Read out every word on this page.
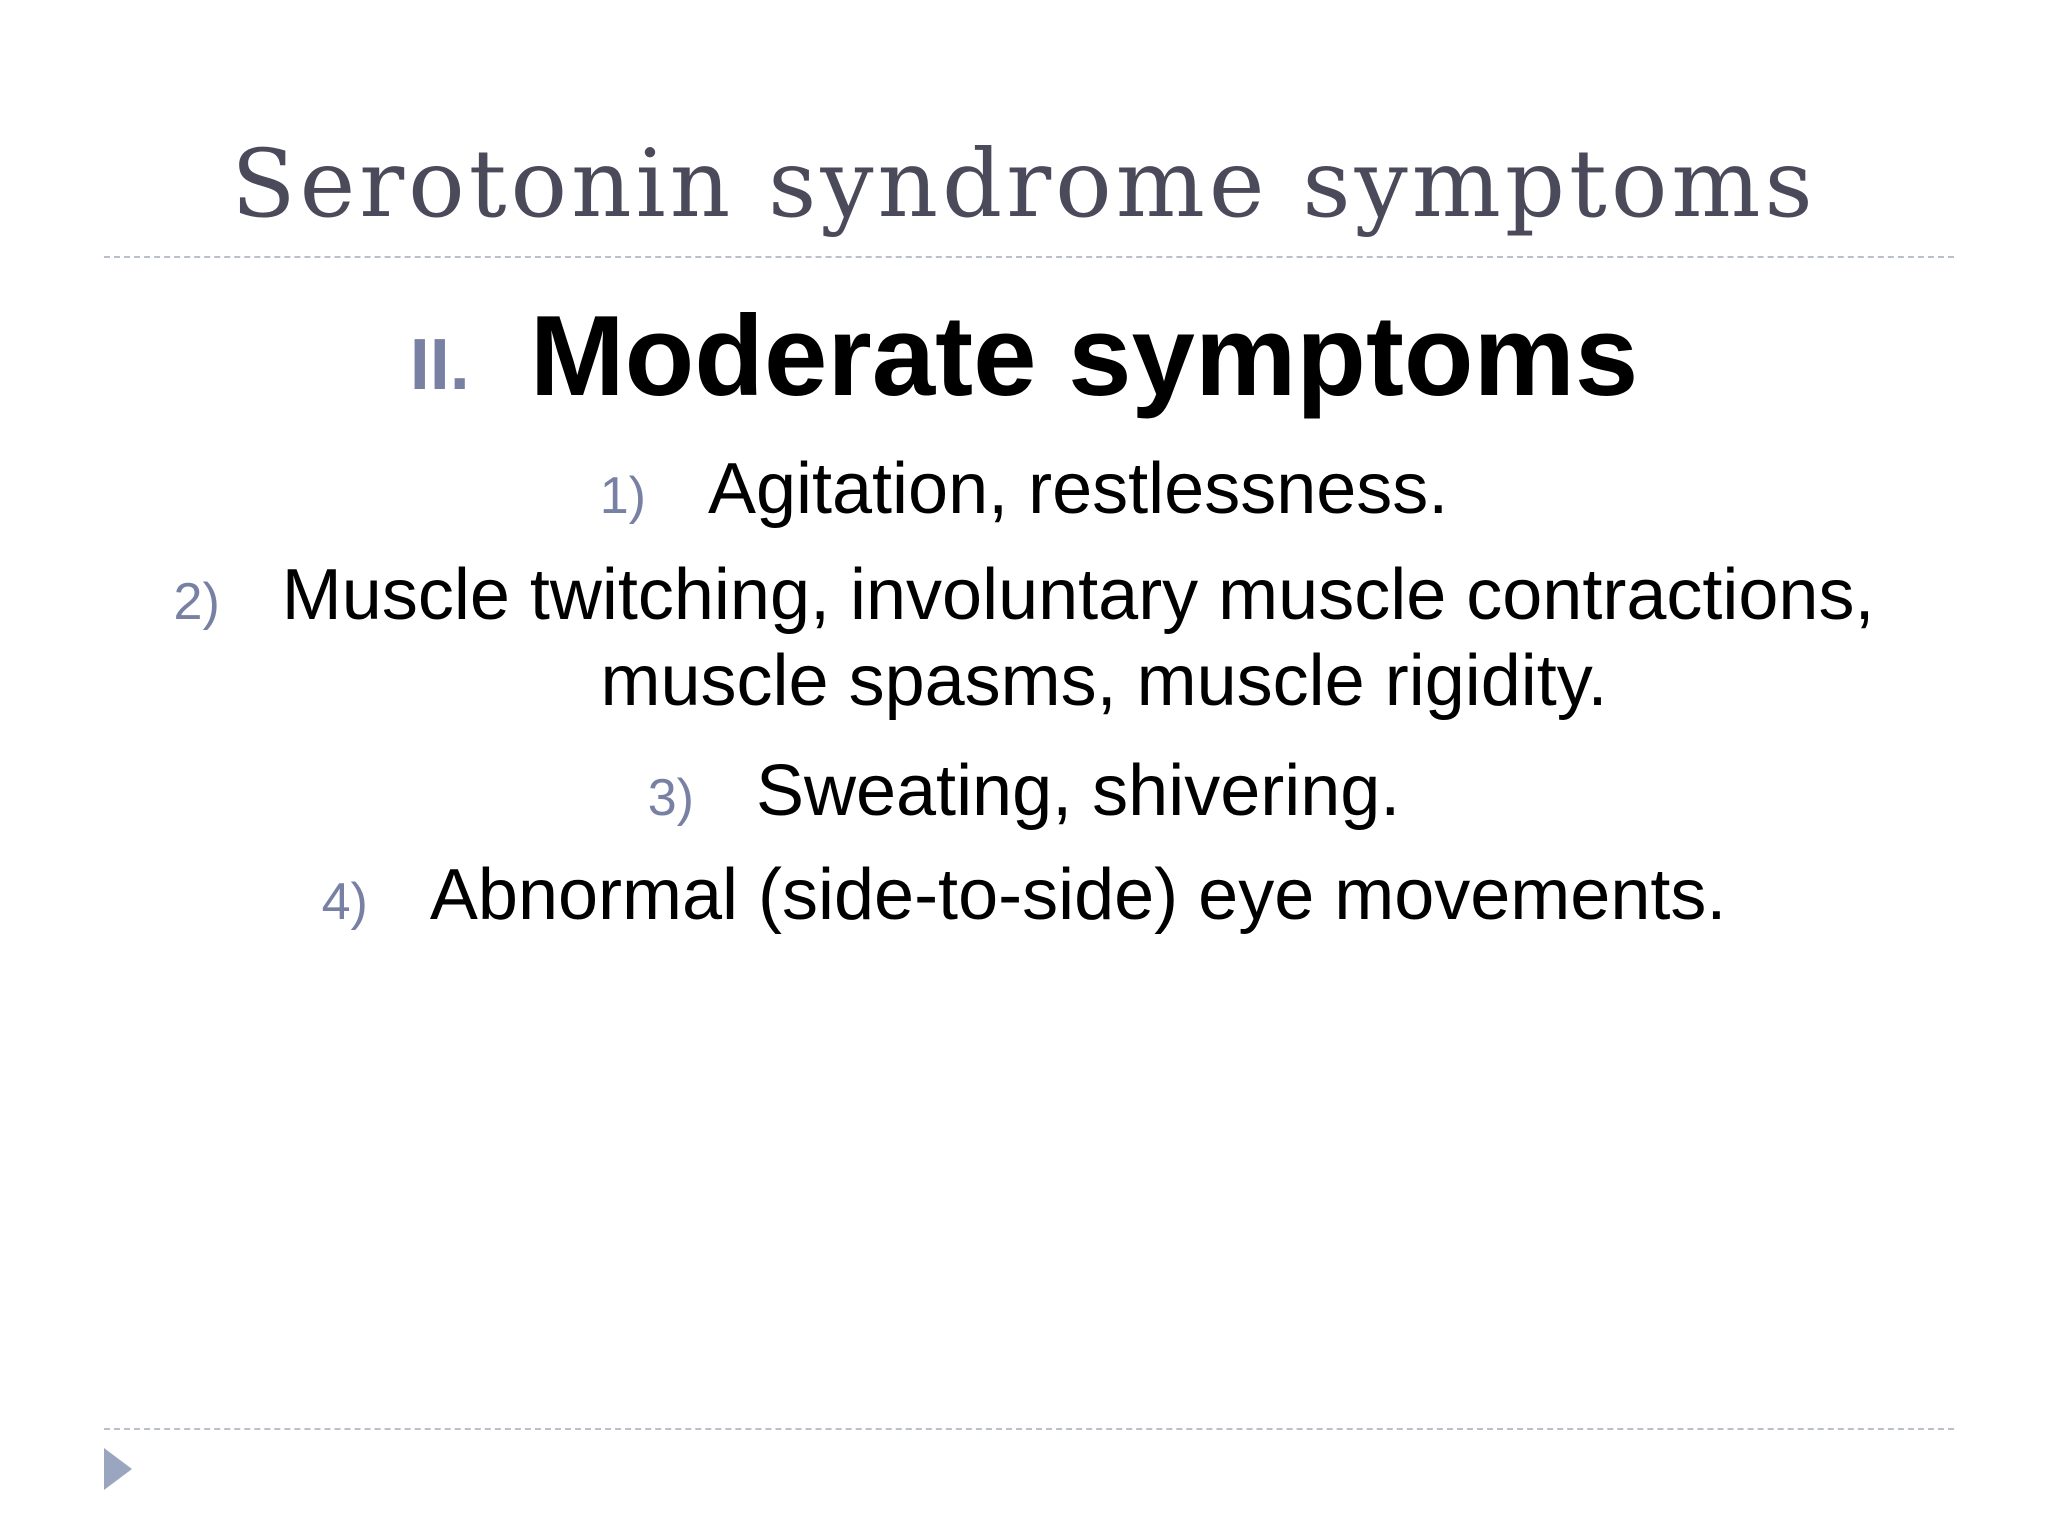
Serotonin syndrome symptoms
II. Moderate symptoms
1) Agitation, restlessness.
2) Muscle twitching, involuntary muscle contractions,
muscle spasms, muscle rigidity.
3) Sweating, shivering.
4) Abnormal (side-to-side) eye movements.
